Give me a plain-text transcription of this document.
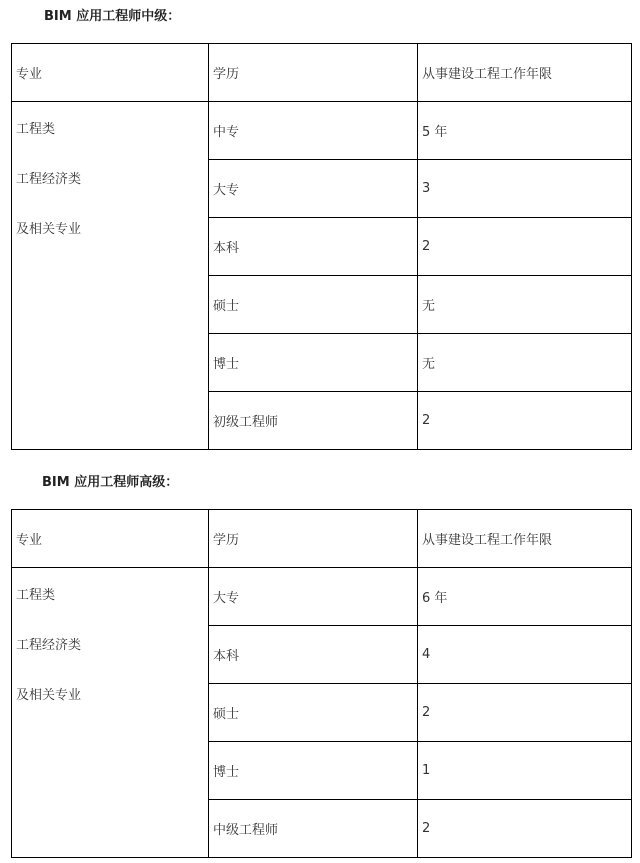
BIM 应用工程师中级：
专业	学历	从事建设工程工作年限

工程类
工程经济类
及相关专业	中专	5 年
	大专	3
	本科	2
	硕士	无
	博士	无
	初级工程师	2
BIM 应用工程师高级：
专业	学历	从事建设工程工作年限

工程类
工程经济类
及相关专业	大专	6 年
	本科	4
	硕士	2
	博士	1
	中级工程师	2
